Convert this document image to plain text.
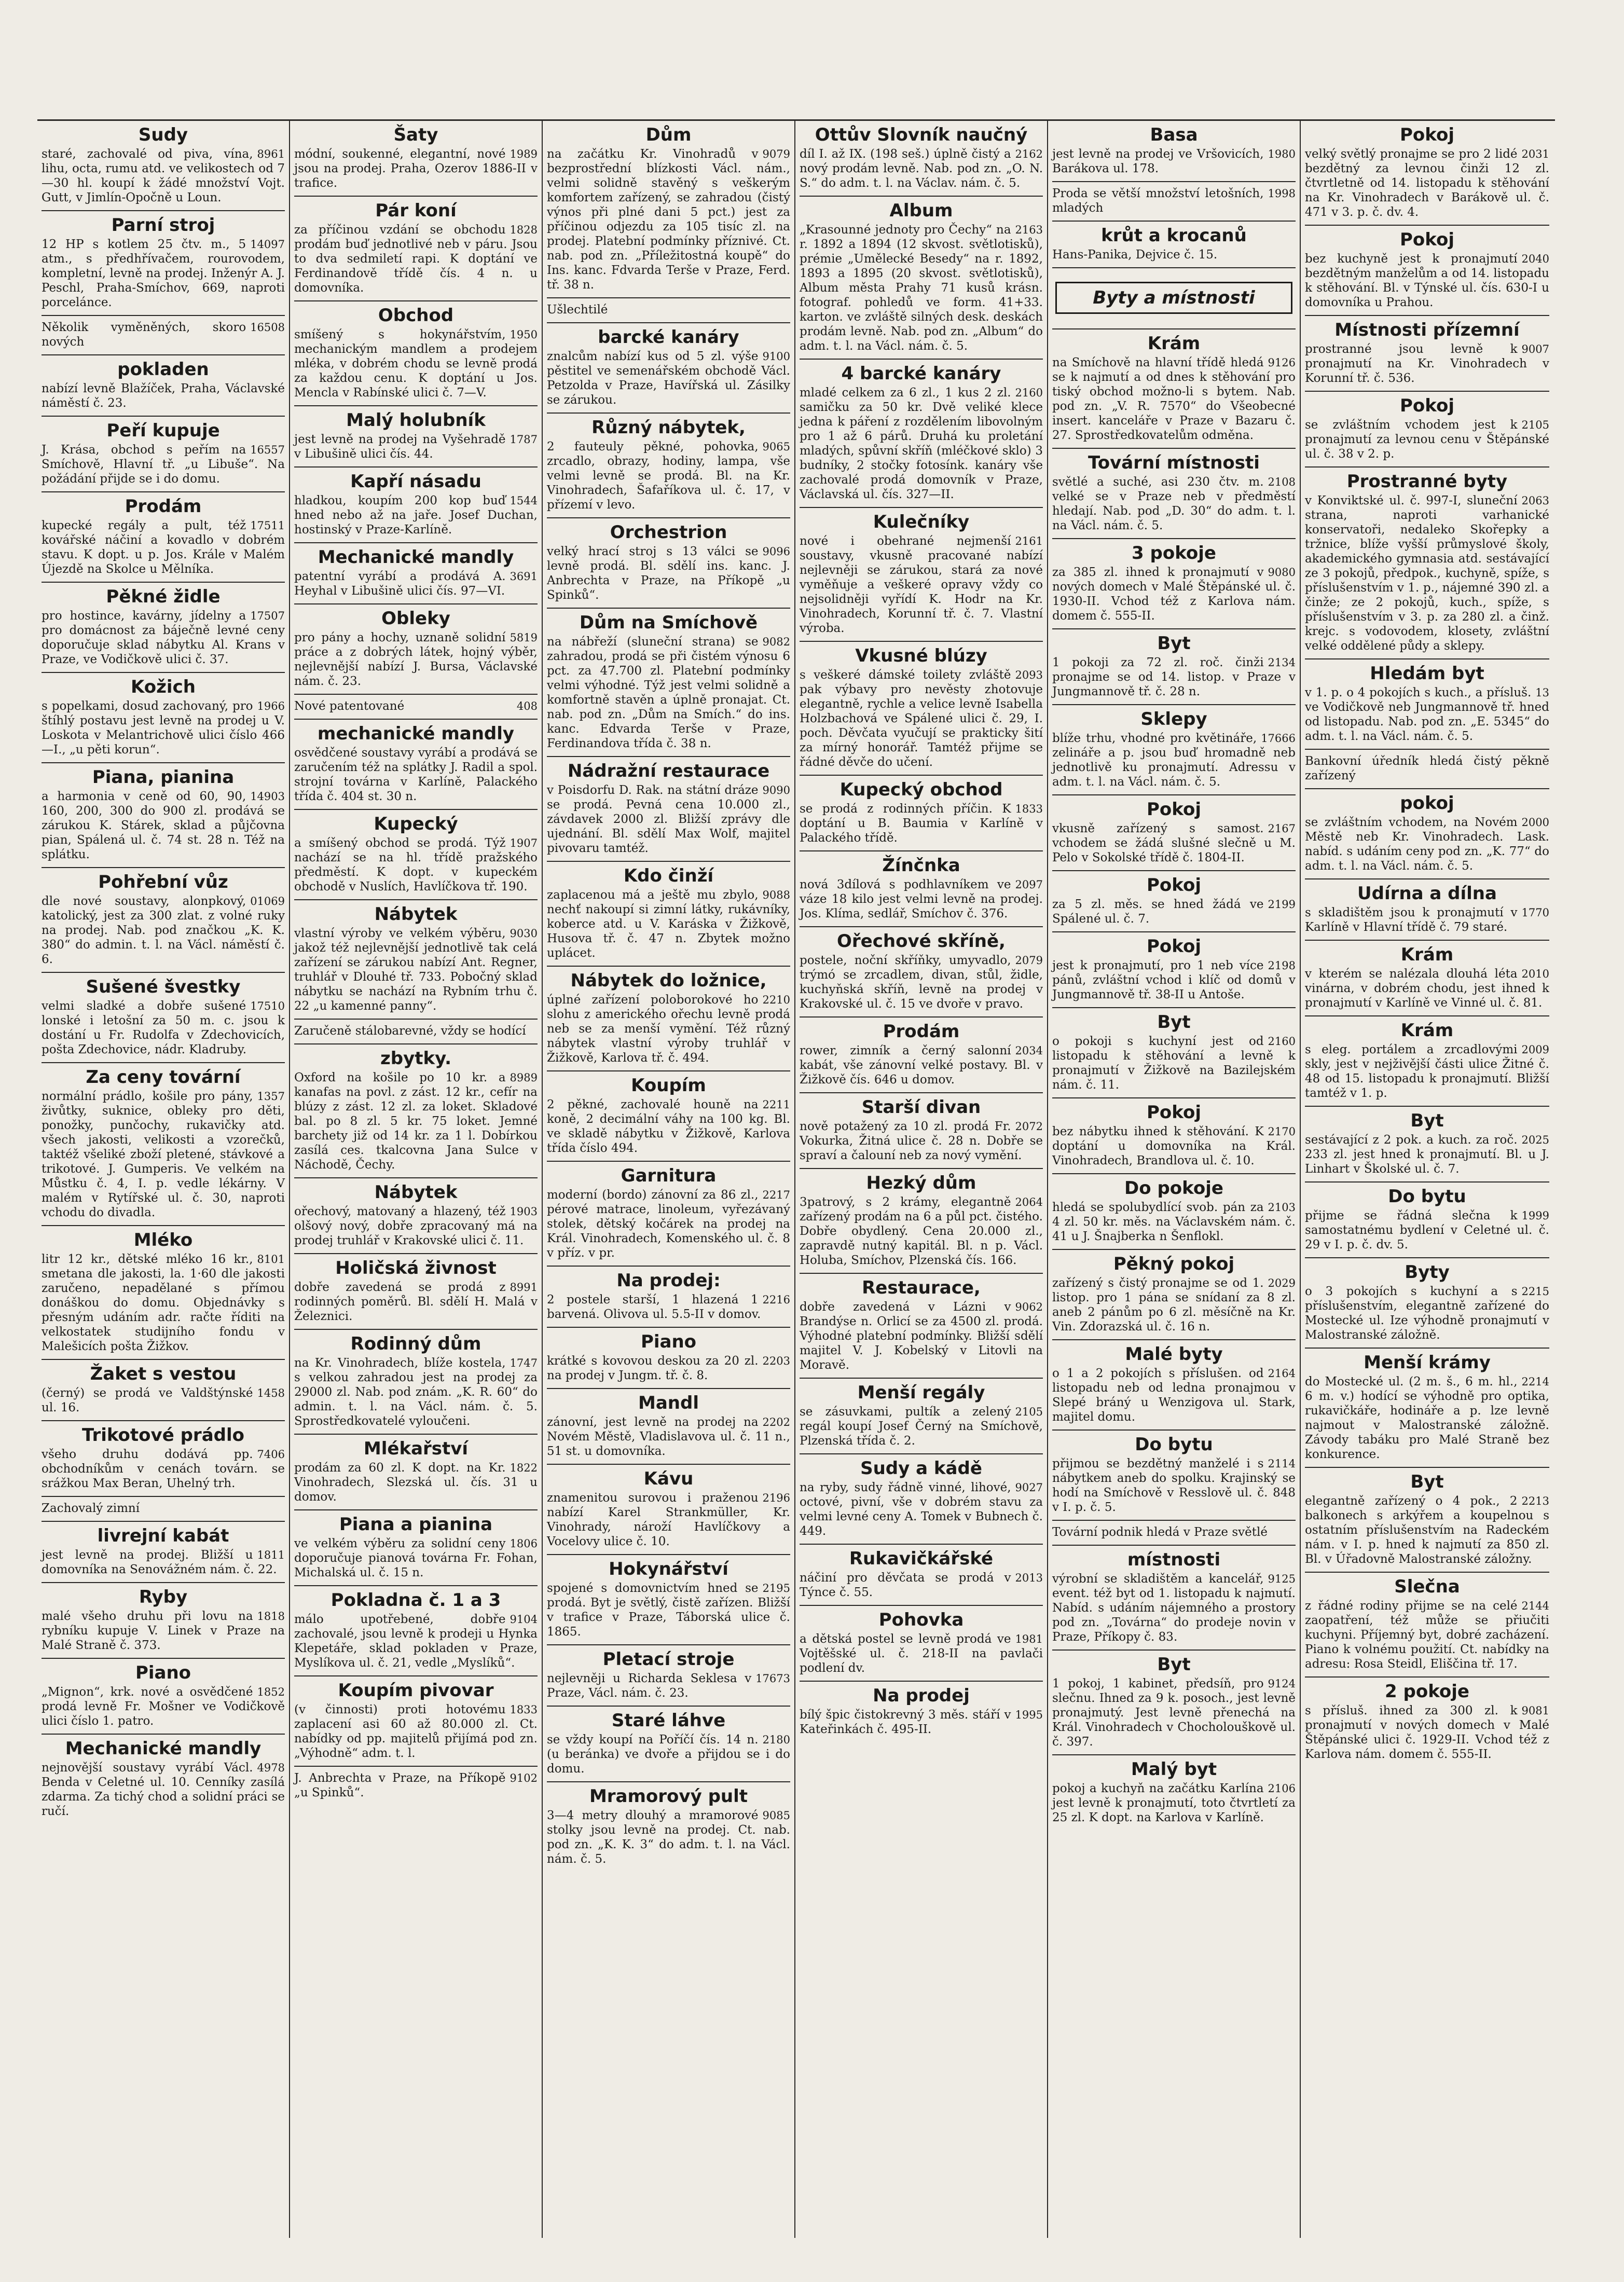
Sudy

8961
staré, zachovalé od piva, vína, lihu, octa, rumu atd. ve velikostech od 7—30 hl. koupí k žádé množství Vojt. Gutt, v Jimlín-Opočně u Loun.

Parní stroj

14097
12 HP s kotlem 25 čtv. m., 5 atm., s předhřívačem, rourovodem, kompletní, levně na prodej. Inženýr A. J. Peschl, Praha-Smíchov, 669, naproti porcelánce.

16508
Několik vyměněných, skoro nových

pokladen

nabízí levně Blažíček, Praha, Václavské náměstí č. 23.

Peří kupuje

16557
J. Krása, obchod s peřím na Smíchově, Hlavní tř. „u Libuše“. Na požádání přijde se i do domu.

Prodám

17511
kupecké regály a pult, též kovářské náčiní a kovadlo v dobrém stavu. K dopt. u p. Jos. Krále v Malém Újezdě na Skolce u Mělníka.

Pěkné židle

17507
pro hostince, kavárny, jídelny a pro domácnost za báječně levné ceny doporučuje sklad nábytku Al. Krans v Praze, ve Vodičkově ulici č. 37.

Kožich

1966
s popelkami, dosud zachovaný, pro štíhlý postavu jest levně na prodej u V. Loskota v Melantrichově ulici číslo 466—I., „u pěti korun“.

Piana, pianina

14903
a harmonia v ceně od 60, 90, 160, 200, 300 do 900 zl. prodává se zárukou K. Stárek, sklad a půjčovna pian, Spálená ul. č. 74 st. 28 n. Též na splátku.

Pohřební vůz

01069
dle nové soustavy, alonpkový, katolický, jest za 300 zlat. z volné ruky na prodej. Nab. pod značkou „K. K. 380“ do admin. t. l. na Václ. náměstí č. 6.

Sušené švestky

17510
velmi sladké a dobře sušené lonské i letošní za 50 m. c. jsou k dostání u Fr. Rudolfa v Zdechovicích, pošta Zdechovice, nádr. Kladruby.

Za ceny tovární

1357
normální prádlo, košile pro pány, živůtky, suknice, obleky pro děti, ponožky, punčochy, rukavičky atd. všech jakosti, velikosti a vzorečků, taktéž všeliké zboží pletené, stávkové a trikotové. J. Gumperis. Ve velkém na Můstku č. 4, I. p. vedle lékárny. V malém v Rytířské ul. č. 30, naproti vchodu do divadla.

Mléko

8101
litr 12 kr., dětské mléko 16 kr., smetana dle jakosti, la. 1·60 dle jakosti zaručeno, nepadělané s přímou donáškou do domu. Objednávky s přesným udáním adr. račte říditi na velkostatek studijního fondu v Malešicích pošta Žižkov.

Žaket s vestou

1458
(černý) se prodá ve Valdštýnské ul. 16.

Trikotové prádlo

7406
všeho druhu dodává pp. obchodníkům v cenách továrn. se srážkou Max Beran, Uhelný trh.

Zachovalý zimní

livrejní kabát

1811
jest levně na prodej. Bližší u domovníka na Senovážném nám. č. 22.

Ryby

1818
malé všeho druhu při lovu na rybníku kupuje V. Linek v Praze na Malé Straně č. 373.

Piano

1852
„Mignon“, krk. nové a osvědčené prodá levně Fr. Mošner ve Vodičkově ulici číslo 1. patro.

Mechanické mandly

4978
nejnovější soustavy vyrábí Václ. Benda v Celetné ul. 10. Cenníky zasílá zdarma. Za tichý chod a solidní práci se ručí.

Šaty

1989
módní, soukenné, elegantní, nové jsou na prodej. Praha, Ozerov 1886-II v trafice.

Pár koní

1828
za příčinou vzdání se obchodu prodám buď jednotlivé neb v páru. Jsou to dva sedmiletí rapi. K doptání ve Ferdinandově třídě čís. 4 n. u domovníka.

Obchod

1950
smíšený s hokynářstvím, mechanickým mandlem a prodejem mléka, v dobrém chodu se levně prodá za každou cenu. K doptání u Jos. Mencla v Rabínské ulici č. 7—V.

Malý holubník

1787
jest levně na prodej na Vyšehradě v Libušině ulici čís. 44.

Kapří násadu

1544
hladkou, koupím 200 kop buď hned nebo až na jaře. Josef Duchan, hostinský v Praze-Karlíně.

Mechanické mandly

3691
patentní vyrábí a prodává A. Heyhal v Libušině ulici čís. 97—VI.

Obleky

5819
pro pány a hochy, uznaně solidní práce a z dobrých látek, hojný výběr, nejlevnější nabízí J. Bursa, Václavské nám. č. 23.

408
Nové patentované

mechanické mandly

osvědčené soustavy vyrábí a prodává se zaručením též na splátky J. Radil a spol. strojní továrna v Karlíně, Palackého třída č. 404 st. 30 n.

Kupecký

1907
a smíšený obchod se prodá. Týž nachází se na hl. třídě pražského předměstí. K dopt. v kupeckém obchodě v Nuslích, Havlíčkova tř. 190.

Nábytek

9030
vlastní výroby ve velkém výběru, jakož též nejlevnější jednotlivě tak celá zařízení se zárukou nabízí Ant. Regner, truhlář v Dlouhé tř. 733. Pobočný sklad nábytku se nachází na Rybním trhu č. 22 „u kamenné panny“.

Zaručeně stálobarevné, vždy se hodící

zbytky.

8989
Oxford na košile po 10 kr. a kanafas na povl. z zást. 12 kr., cefír na blúzy z zást. 12 zl. za loket. Skladové bal. po 8 zl. 5 kr. 75 loket. Jemné barchety již od 14 kr. za 1 l. Dobírkou zasílá ces. tkalcovna Jana Sulce v Náchodě, Čechy.

Nábytek

1903
ořechový, matovaný a hlazený, též olšový nový, dobře zpracovaný má na prodej truhlář v Krakovské ulici č. 11.

Holičská živnost

8991
dobře zavedená se prodá z rodinných poměrů. Bl. sdělí H. Malá v Železnici.

Rodinný dům

1747
na Kr. Vinohradech, blíže kostela, s velkou zahradou jest na prodej za 29000 zl. Nab. pod znám. „K. R. 60“ do admin. t. l. na Václ. nám. č. 5. Sprostředkovatelé vyloučeni.

Mlékařství

1822
prodám za 60 zl. K dopt. na Kr. Vinohradech, Slezská ul. čís. 31 u domov.

Piana a pianina

1806
ve velkém výběru za solidní ceny doporučuje pianová továrna Fr. Fohan, Michalská ul. č. 15 n.

Pokladna č. 1 a 3

9104
málo upotřebené, dobře zachovalé, jsou levně k prodeji u Hynka Klepetáře, sklad pokladen v Praze, Myslíkova ul. č. 21, vedle „Myslíků“.

Koupím pivovar

1833
(v činnosti) proti hotovému zaplacení asi 60 až 80.000 zl. Ct. nabídky od pp. majitelů přijímá pod zn. „Výhodně“ adm. t. l.

9102
J. Anbrechta v Praze, na Příkopě „u Spinků“.

Dům

9079
na začátku Kr. Vinohradů v bezprostřední blízkosti Václ. nám., velmi solidně stavěný s veškerým komfortem zařízený, se zahradou (čistý výnos při plné dani 5 pct.) jest za příčinou odjezdu za 105 tisíc zl. na prodej. Platební podmínky příznivé. Ct. nab. pod zn. „Příležitostná koupě“ do Ins. kanc. Fdvarda Terše v Praze, Ferd. tř. 38 n.

Ušlechtilé

barcké kanáry

9100
znalcům nabízí kus od 5 zl. výše pěstitel ve semenářském obchodě Václ. Petzolda v Praze, Havířská ul. Zásilky se zárukou.

Různý nábytek,

9065
2 fauteuly pěkné, pohovka, zrcadlo, obrazy, hodiny, lampa, vše velmi levně se prodá. Bl. na Kr. Vinohradech, Šafaříkova ul. č. 17, v přízemí v levo.

Orchestrion

9096
velký hrací stroj s 13 válci se levně prodá. Bl. sdělí ins. kanc. J. Anbrechta v Praze, na Příkopě „u Spinků“.

Dům na Smíchově

9082
na nábřeží (sluneční strana) se zahradou, prodá se při čistém výnosu 6 pct. za 47.700 zl. Platební podmínky velmi výhodné. Týž jest velmi solidně a komfortně stavěn a úplně pronajat. Ct. nab. pod zn. „Dům na Smích.“ do ins. kanc. Edvarda Terše v Praze, Ferdinandova třída č. 38 n.

Nádražní restaurace

9090
v Poisdorfu D. Rak. na státní dráze se prodá. Pevná cena 10.000 zl., závdavek 2000 zl. Bližší zprávy dle ujednání. Bl. sdělí Max Wolf, majitel pivovaru tamtéž.

Kdo činží

9088
zaplacenou má a ještě mu zbylo, nechť nakoupí si zimní látky, rukávníky, koberce atd. u V. Karáska v Žižkově, Husova tř. č. 47 n. Zbytek možno uplácet.

Nábytek do ložnice,

2210
úplné zařízení poloborokové ho slohu z amerického ořechu levně prodá neb se za menší vymění. Též různý nábytek vlastní výroby truhlář v Žižkově, Karlova tř. č. 494.

Koupím

2211
2 pěkné, zachovalé houně na koně, 2 decimální váhy na 100 kg. Bl. ve skladě nábytku v Žižkově, Karlova třída číslo 494.

Garnitura

2217
moderní (bordo) zánovní za 86 zl., pérové matrace, linoleum, vyřezávaný stolek, dětský kočárek na prodej na Král. Vinohradech, Komenského ul. č. 8 v příz. v pr.

Na prodej:

2216
2 postele starší, 1 hlazená 1 barvená. Olivova ul. 5.5-II v domov.

Piano

2203
krátké s kovovou deskou za 20 zl. na prodej v Jungm. tř. č. 8.

Mandl

2202
zánovní, jest levně na prodej na Novém Městě, Vladislavova ul. č. 11 n., 51 st. u domovníka.

Kávu

2196
znamenitou surovou i praženou nabízí Karel Strankmüller, Kr. Vinohrady, nároží Havlíčkovy a Vocelovy ulice č. 10.

Hokynářství

2195
spojené s domovnictvím hned se prodá. Byt je světlý, čistě zařízen. Bližší v trafice v Praze, Táborská ulice č. 1865.

Pletací stroje

17673
nejlevněji u Richarda Seklesa v Praze, Václ. nám. č. 23.

Staré láhve

2180
se vždy koupí na Poříčí čís. 14 n. (u beránka) ve dvoře a přijdou se i do domu.

Mramorový pult

9085
3—4 metry dlouhý a mramorové stolky jsou levně na prodej. Ct. nab. pod zn. „K. K. 3“ do adm. t. l. na Václ. nám. č. 5.

Ottův Slovník naučný

2162
díl I. až IX. (198 seš.) úplně čistý a nový prodám levně. Nab. pod zn. „O. N. S.“ do adm. t. l. na Václav. nám. č. 5.

Album

2163
„Krasounné jednoty pro Čechy“ na r. 1892 a 1894 (12 skvost. světlotisků), prémie „Umělecké Besedy“ na r. 1892, 1893 a 1895 (20 skvost. světlotisků), Album města Prahy 71 kusů krásn. fotograf. pohledů ve form. 41+33. karton. ve zvláště silných desk. deskách prodám levně. Nab. pod zn. „Album“ do adm. t. l. na Václ. nám. č. 5.

4 barcké kanáry

2160
mladé celkem za 6 zl., 1 kus 2 zl. samičku za 50 kr. Dvě veliké klece jedna k páření z rozdělením libovolným pro 1 až 6 párů. Druhá ku proletání mladých, spůvní skříň (mléčkové sklo) 3 budníky, 2 stočky fotosínk. kanáry vše zachovalé prodá domovník v Praze, Václavská ul. čís. 327—II.

Kulečníky

2161
nové i obehrané nejmenší soustavy, vkusně pracované nabízí nejlevněji se zárukou, stará za nové vyměňuje a veškeré opravy vždy co nejsolidněji vyřídí K. Hodr na Kr. Vinohradech, Korunní tř. č. 7. Vlastní výroba.

Vkusné blúzy

2093
s veškeré dámské toilety zvláště pak výbavy pro nevěsty zhotovuje elegantně, rychle a velice levně Isabella Holzbachová ve Spálené ulici č. 29, I. poch. Děvčata vyučují se prakticky šití za mírný honorář. Tamtéž přijme se řádné děvče do učení.

Kupecký obchod

1833
se prodá z rodinných příčin. K doptání u B. Baumia v Karlíně v Palackého třídě.

Žínčnka

2097
nová 3dílová s podhlavníkem ve váze 18 kilo jest velmi levně na prodej. Jos. Klíma, sedlář, Smíchov č. 376.

Ořechové skříně,

2079
postele, noční skříňky, umyvadlo, trýmó se zrcadlem, divan, stůl, židle, kuchyňská skříň, levně na prodej v Krakovské ul. č. 15 ve dvoře v pravo.

Prodám

2034
rower, zimník a černý salonní kabát, vše zánovní velké postavy. Bl. v Žižkově čís. 646 u domov.

Starší divan

2072
nově potažený za 10 zl. prodá Fr. Vokurka, Žitná ulice č. 28 n. Dobře se spraví a čalouní neb za nový vymění.

Hezký dům

2064
3patrový, s 2 krámy, elegantně zařízený prodám na 6 a půl pct. čistého. Dobře obydlený. Cena 20.000 zl., zapravdě nutný kapitál. Bl. n p. Václ. Holuba, Smíchov, Plzenská čís. 166.

Restaurace,

9062
dobře zavedená v Lázni v Brandýse n. Orlicí se za 4500 zl. prodá. Výhodné platební podmínky. Bližší sdělí majitel V. J. Kobelský v Litovli na Moravě.

Menší regály

2105
se zásuvkami, pultík a zelený regál koupí Josef Černý na Smíchově, Plzenská třída č. 2.

Sudy a kádě

9027
na ryby, sudy řádně vinné, lihové, octové, pivní, vše v dobrém stavu za velmi levné ceny A. Tomek v Bubnech č. 449.

Rukavičkářské

2013
náčiní pro děvčata se prodá v Týnce č. 55.

Pohovka

1981
a dětská postel se levně prodá ve Vojtěšské ul. č. 218-II na pavlači podlení dv.

Na prodej

1995
bílý špic čistokrevný 3 měs. stáří v Kateřinkách č. 495-II.

Basa

1980
jest levně na prodej ve Vršovicích, Barákova ul. 178.

1998
Proda se větší množství letošních, mladých

krůt a krocanů

Hans-Panika, Dejvice č. 15.

Byty a místnosti
Krám

9126
na Smíchově na hlavní třídě hledá se k najmutí a od dnes k stěhování pro tiský obchod možno-li s bytem. Nab. pod zn. „V. R. 7570“ do Všeobecné insert. kanceláře v Praze v Bazaru č. 27. Sprostředkovatelům odměna.

Tovární místnosti

2108
světlé a suché, asi 230 čtv. m. velké se v Praze neb v předměstí hledají. Nab. pod „D. 30“ do adm. t. l. na Václ. nám. č. 5.

3 pokoje

9080
za 385 zl. ihned k pronajmutí v nových domech v Malé Štěpánské ul. č. 1930-II. Vchod též z Karlova nám. domem č. 555-II.

Byt

2134
1 pokoji za 72 zl. roč. činži pronajme se od 14. listop. v Praze v Jungmannově tř. č. 28 n.

Sklepy

17666
blíže trhu, vhodné pro květináře, zelináře a p. jsou buď hromadně neb jednotlivě ku pronajmutí. Adressu v adm. t. l. na Václ. nám. č. 5.

Pokoj

2167
vkusně zařízený s samost. vchodem se žádá slušné slečně u M. Pelo v Sokolské třídě č. 1804-II.

Pokoj

2199
za 5 zl. měs. se hned žádá ve Spálené ul. č. 7.

Pokoj

2198
jest k pronajmutí, pro 1 neb více pánů, zvláštní vchod i klíč od domů v Jungmannově tř. 38-II u Antoše.

Byt

2160
o pokoji s kuchyní jest od listopadu k stěhování a levně k pronajmutí v Žižkově na Bazilejském nám. č. 11.

Pokoj

2170
bez nábytku ihned k stěhování. K doptání u domovníka na Král. Vinohradech, Brandlova ul. č. 10.

Do pokoje

2103
hledá se spolubydlící svob. pán za 4 zl. 50 kr. měs. na Václavském nám. č. 41 u J. Šnajberka n Šenflokl.

Pěkný pokoj

2029
zařízený s čistý pronajme se od 1. listop. pro 1 pána se snídaní za 8 zl. aneb 2 pánům po 6 zl. měsíčně na Kr. Vin. Zdorazská ul. č. 16 n.

Malé byty

2164
o 1 a 2 pokojích s příslušen. od listopadu neb od ledna pronajmou v Slepé bráný u Wenzigova ul. Stark, majitel domu.

Do bytu

2114
přijmou se bezdětný manželé i s nábytkem aneb do spolku. Krajinský se hodí na Smíchově v Resslově ul. č. 848 v I. p. č. 5.

Tovární podnik hledá v Praze světlé

místnosti

9125
výrobní se skladištěm a kancelář, event. též byt od 1. listopadu k najmutí. Nabíd. s udáním nájemného a prostory pod zn. „Továrna“ do prodeje novin v Praze, Příkopy č. 83.

Byt

9124
1 pokoj, 1 kabinet, předsíň, pro slečnu. Ihned za 9 k. posoch., jest levně pronajmutý. Jest levně přenechá na Král. Vinohradech v Chocholouškově ul. č. 397.

Malý byt

2106
pokoj a kuchyň na začátku Karlína jest levně k pronajmutí, toto čtvrtletí za 25 zl. K dopt. na Karlova v Karlíně.

Pokoj

2031
velký světlý pronajme se pro 2 lidé bezdětný za levnou činži 12 zl. čtvrtletně od 14. listopadu k stěhování na Kr. Vinohradech v Barákově ul. č. 471 v 3. p. č. dv. 4.

Pokoj

2040
bez kuchyně jest k pronajmutí bezdětným manželům a od 14. listopadu k stěhování. Bl. v Týnské ul. čís. 630-I u domovníka u Prahou.

Místnosti přízemní

9007
prostranné jsou levně k pronajmutí na Kr. Vinohradech v Korunní tř. č. 536.

Pokoj

2105
se zvláštním vchodem jest k pronajmutí za levnou cenu v Štěpánské ul. č. 38 v 2. p.

Prostranné byty

2063
v Konviktské ul. č. 997-I, sluneční strana, naproti varhanické konservatoři, nedaleko Skořepky a tržnice, blíže vyšší průmyslové školy, akademického gymnasia atd. sestávající ze 3 pokojů, předpok., kuchyně, spíže, s příslušenstvím v 1. p., nájemné 390 zl. a činže; ze 2 pokojů, kuch., spíže, s příslušenstvím v 3. p. za 280 zl. a činž. krejc. s vodovodem, klosety, zvláštní velké oddělené půdy a sklepy.

Hledám byt

13
v 1. p. o 4 pokojích s kuch., a přísluš. ve Vodičkově neb Jungmannově tř. hned od listopadu. Nab. pod zn. „E. 5345“ do adm. t. l. na Václ. nám. č. 5.

Bankovní úředník hledá čistý pěkně zařízený

pokoj

2000
se zvláštním vchodem, na Novém Městě neb Kr. Vinohradech. Lask. nabíd. s udáním ceny pod zn. „K. 77“ do adm. t. l. na Václ. nám. č. 5.

Udírna a dílna

1770
s skladištěm jsou k pronajmutí v Karlíně v Hlavní třídě č. 79 staré.

Krám

2010
v kterém se nalézala dlouhá léta vinárna, v dobrém chodu, jest ihned k pronajmutí v Karlíně ve Vinné ul. č. 81.

Krám

2009
s eleg. portálem a zrcadlovými skly, jest v nejživější části ulice Žitné č. 48 od 15. listopadu k pronajmutí. Bližší tamtéž v 1. p.

Byt

2025
sestávající z 2 pok. a kuch. za roč. 233 zl. jest hned k pronajmutí. Bl. u J. Linhart v Školské ul. č. 7.

Do bytu

1999
přijme se řádná slečna k samostatnému bydlení v Celetné ul. č. 29 v I. p. č. dv. 5.

Byty

2215
o 3 pokojích s kuchyní a s příslušenstvím, elegantně zařízené do Mostecké ul. Ize výhodně pronajmutí v Malostranské záložně.

Menší krámy

2214
do Mostecké ul. (2 m. š., 6 m. hl., 6 m. v.) hodící se výhodně pro optika, rukavičkáře, hodináře a p. lze levně najmout v Malostranské záložně. Závody tabáku pro Malé Straně bez konkurence.

Byt

2213
elegantně zařízený o 4 pok., 2 balkonech s arkýřem a koupelnou s ostatním příslušenstvím na Radeckém nám. v I. p. hned k najmutí za 850 zl. Bl. v Úřadovně Malostranské záložny.

Slečna

2144
z řádné rodiny přijme se na celé zaopatření, též může se přiučiti kuchyni. Příjemný byt, dobré zacházení. Piano k volnému použití. Ct. nabídky na adresu: Rosa Steidl, Eliščina tř. 17.

2 pokoje

9081
s přísluš. ihned za 300 zl. k pronajmutí v nových domech v Malé Štěpánské ulici č. 1929-II. Vchod též z Karlova nám. domem č. 555-II.
